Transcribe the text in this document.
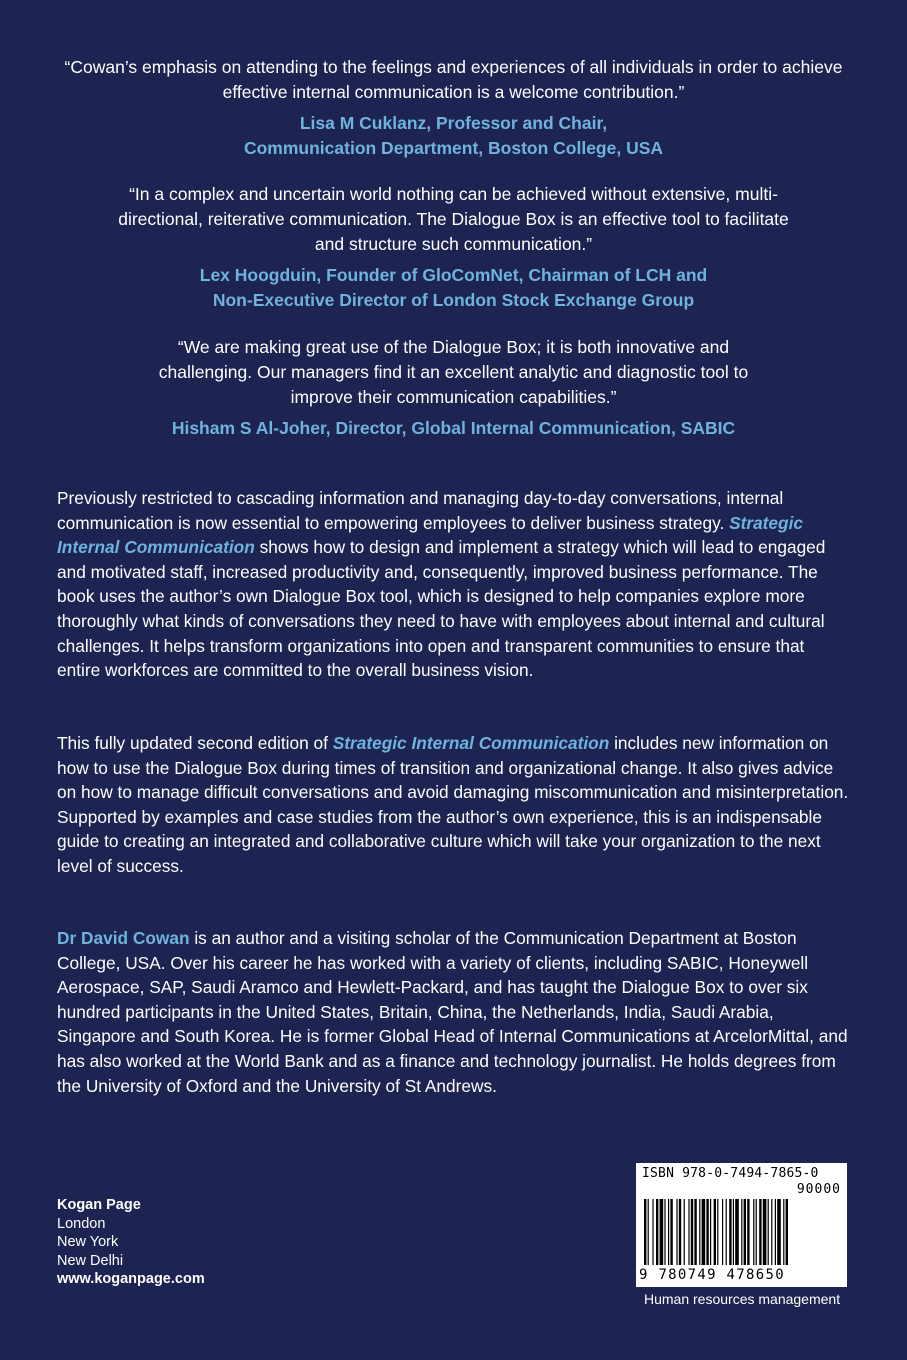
“Cowan’s emphasis on attending to the feelings and experiences of all individuals in order to achieve effective internal communication is a welcome contribution.”
Lisa M Cuklanz, Professor and Chair,
Communication Department, Boston College, USA
“In a complex and uncertain world nothing can be achieved without extensive, multi-directional, reiterative communication. The Dialogue Box is an effective tool to facilitate and structure such communication.”
Lex Hoogduin, Founder of GloComNet, Chairman of LCH and
Non-Executive Director of London Stock Exchange Group
“We are making great use of the Dialogue Box; it is both innovative and challenging. Our managers find it an excellent analytic and diagnostic tool to improve their communication capabilities.”
Hisham S Al-Joher, Director, Global Internal Communication, SABIC
Previously restricted to cascading information and managing day-to-day conversations, internal communication is now essential to empowering employees to deliver business strategy. Strategic Internal Communication shows how to design and implement a strategy which will lead to engaged and motivated staff, increased productivity and, consequently, improved business performance. The book uses the author’s own Dialogue Box tool, which is designed to help companies explore more thoroughly what kinds of conversations they need to have with employees about internal and cultural challenges. It helps transform organizations into open and transparent communities to ensure that entire workforces are committed to the overall business vision.
This fully updated second edition of Strategic Internal Communication includes new information on how to use the Dialogue Box during times of transition and organizational change. It also gives advice on how to manage difficult conversations and avoid damaging miscommunication and misinterpretation. Supported by examples and case studies from the author’s own experience, this is an indispensable guide to creating an integrated and collaborative culture which will take your organization to the next level of success.
Dr David Cowan is an author and a visiting scholar of the Communication Department at Boston College, USA. Over his career he has worked with a variety of clients, including SABIC, Honeywell Aerospace, SAP, Saudi Aramco and Hewlett-Packard, and has taught the Dialogue Box to over six hundred participants in the United States, Britain, China, the Netherlands, India, Saudi Arabia, Singapore and South Korea. He is former Global Head of Internal Communications at ArcelorMittal, and has also worked at the World Bank and as a finance and technology journalist. He holds degrees from the University of Oxford and the University of St Andrews.
Kogan Page
London
New York
New Delhi
www.koganpage.com
ISBN 978-0-7494-7865-0
90000
9 780749 478650
Human resources management
